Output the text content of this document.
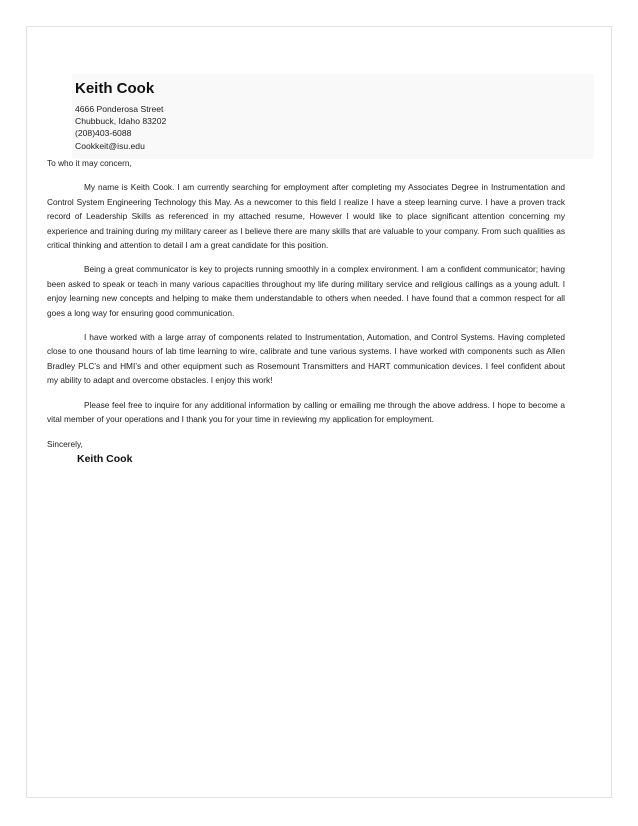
Keith Cook
4666 Ponderosa Street
Chubbuck, Idaho 83202
(208)403-6088
Cookkeit@isu.edu

To who it may concern,

My name is Keith Cook. I am currently searching for employment after completing my Associates Degree in Instrumentation and Control System Engineering Technology this May. As a newcomer to this field I realize I have a steep learning curve. I have a proven track record of Leadership Skills as referenced in my attached resume, However I would like to place significant attention concerning my experience and training during my military career as I believe there are many skills that are valuable to your company. From such qualities as critical thinking and attention to detail I am a great candidate for this position.

Being a great communicator is key to projects running smoothly in a complex environment. I am a confident communicator; having been asked to speak or teach in many various capacities throughout my life during military service and religious callings as a young adult. I enjoy learning new concepts and helping to make them understandable to others when needed. I have found that a common respect for all goes a long way for ensuring good communication.

I have worked with a large array of components related to Instrumentation, Automation, and Control Systems. Having completed close to one thousand hours of lab time learning to wire, calibrate and tune various systems. I have worked with components such as Allen Bradley PLC’s and HMI’s and other equipment such as Rosemount Transmitters and HART communication devices. I feel confident about my ability to adapt and overcome obstacles. I enjoy this work!

Please feel free to inquire for any additional information by calling or emailing me through the above address. I hope to become a vital member of your operations and I thank you for your time in reviewing my application for employment.

Sincerely,
Keith Cook
